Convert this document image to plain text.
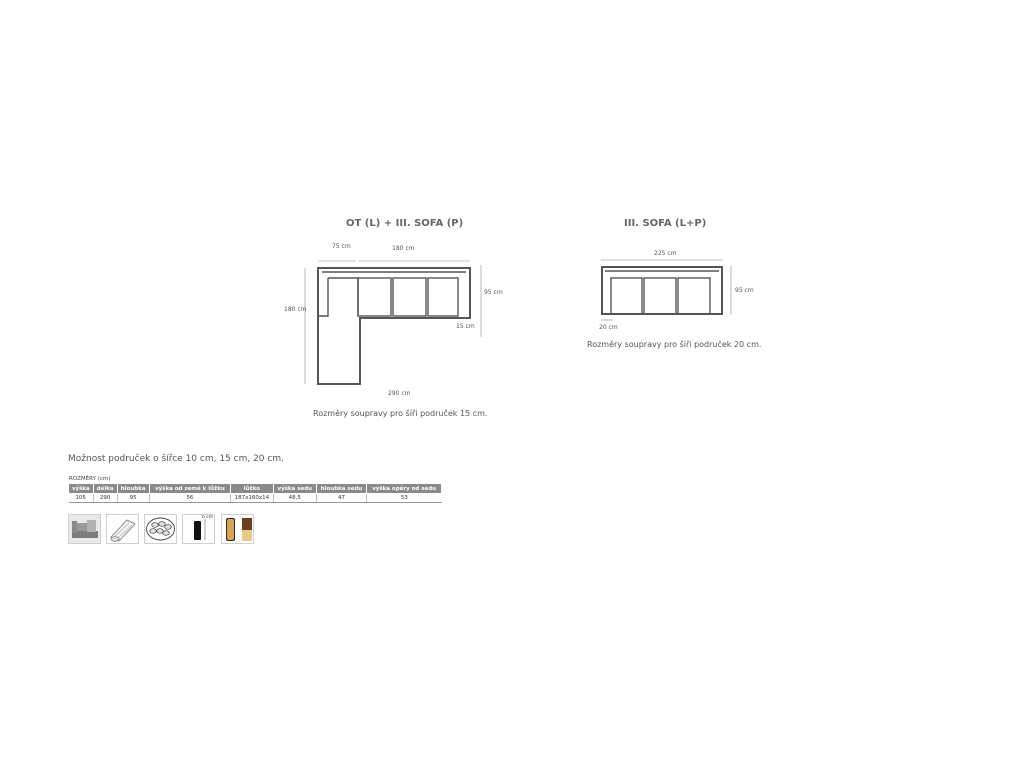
OT (L) + III. SOFA (P)
75 cm	180 cm
95 cm
180 cm
15 cm
290 cm
Rozměry soupravy pro šíři područek 15 cm.
III. SOFA (L+P)
225 cm
95 cm
20 cm
Rozměry soupravy pro šíři područek 20 cm.
Možnost područek o šířce 10 cm, 15 cm, 20 cm.
ROZMĚRY (cm)
výška	délka	hloubka	výška od země k lůžku	lůžko	výška sedu	hloubka sedu	výška opěry od sedu
105	290	95	56	187x160x14	48,5	47	53
6 cm
